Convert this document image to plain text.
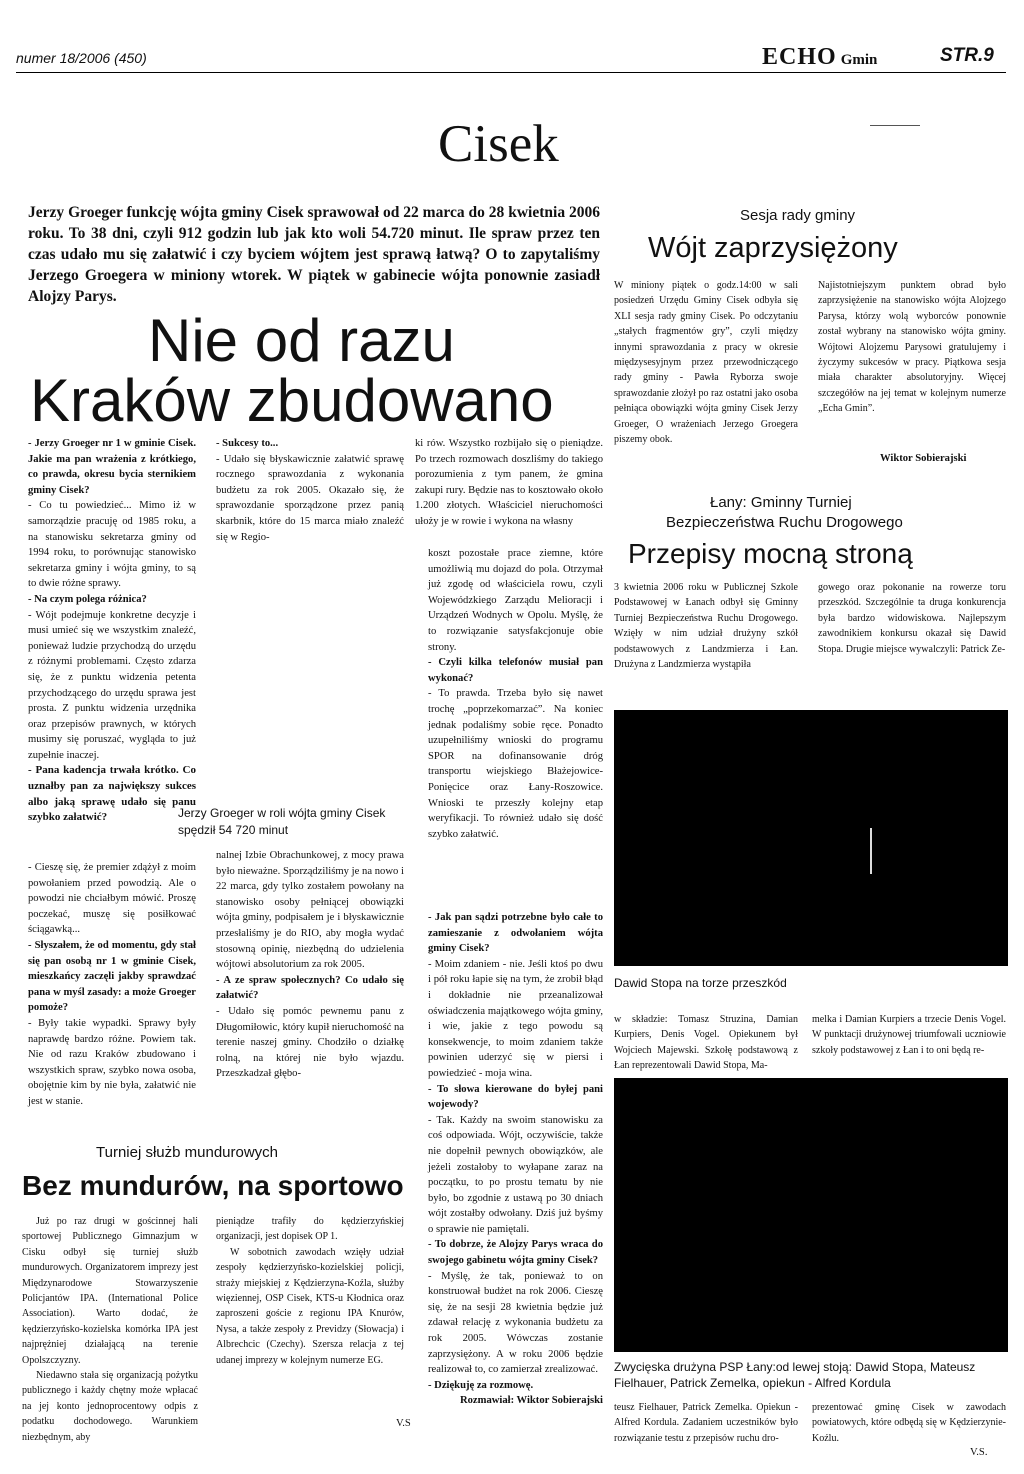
numer 18/2006 (450)	ECHO Gmin	STR.9
Cisek
Jerzy Groeger funkcję wójta gminy Cisek sprawował od 22 marca do 28 kwietnia 2006 roku. To 38 dni, czyli 912 godzin lub jak kto woli 54.720 minut. Ile spraw przez ten czas udało mu się załatwić i czy byciem wójtem jest sprawą łatwą? O to zapytaliśmy Jerzego Groegera w miniony wtorek. W piątek w gabinecie wójta ponownie zasiadł Alojzy Parys.
Nie od razu
Kraków zbudowano

- Jerzy Groeger nr 1 w gminie Cisek. Jakie ma pan wrażenia z krótkiego, co prawda, okresu bycia sternikiem gminy Cisek?

- Co tu powiedzieć... Mimo iż w samorządzie pracuję od 1985 roku, a na stanowisku sekretarza gminy od 1994 roku, to porównując stanowisko sekretarza gminy i wójta gminy, to są to dwie różne sprawy.

- Na czym polega różnica?

- Wójt podejmuje konkretne decyzje i musi umieć się we wszystkim znaleźć, ponieważ ludzie przychodzą do urzędu z różnymi problemami. Często zdarza się, że z punktu widzenia petenta przychodzącego do urzędu sprawa jest prosta. Z punktu widzenia urzędnika oraz przepisów prawnych, w których musimy się poruszać, wygląda to już zupełnie inaczej.

- Pana kadencja trwała krótko. Co uznałby pan za największy sukces albo jaką sprawę udało się panu szybko załatwić?

- Cieszę się, że premier zdążył z moim powołaniem przed powodzią. Ale o powodzi nie chciałbym mówić. Proszę poczekać, muszę się posiłkować ściągawką...

- Słyszałem, że od momentu, gdy stał się pan osobą nr 1 w gminie Cisek, mieszkańcy zaczęli jakby sprawdzać pana w myśl zasady: a może Groeger pomoże?

- Były takie wypadki. Sprawy były naprawdę bardzo różne. Powiem tak. Nie od razu Kraków zbudowano i wszystkich spraw, szybko nowa osoba, obojętnie kim by nie była, załatwić nie jest w stanie.

- Sukcesy to...

- Udało się błyskawicznie załatwić sprawę rocznego sprawozdania z wykonania budżetu za rok 2005. Okazało się, że sprawozdanie sporządzone przez panią skarbnik, które do 15 marca miało znaleźć się w Regio-

Jerzy Groeger w roli wójta gminy Cisek spędził 54 720 minut

nalnej Izbie Obrachunkowej, z mocy prawa było nieważne. Sporządziliśmy je na nowo i 22 marca, gdy tylko zostałem powołany na stanowisko osoby pełniącej obowiązki wójta gminy, podpisałem je i błyskawicznie przesłaliśmy je do RIO, aby mogła wydać stosowną opinię, niezbędną do udzielenia wójtowi absolutorium za rok 2005.

- A ze spraw społecznych? Co udało się załatwić?

- Udało się pomóc pewnemu panu z Długomiłowic, który kupił nieruchomość na terenie naszej gminy. Chodziło o działkę rolną, na której nie było wjazdu. Przeszkadzał głębo-

ki rów. Wszystko rozbijało się o pieniądze. Po trzech rozmowach doszliśmy do takiego porozumienia z tym panem, że gmina zakupi rury. Będzie nas to kosztowało około 1.200 złotych. Właściciel nieruchomości ułoży je w rowie i wykona na własny

koszt pozostałe prace ziemne, które umożliwią mu dojazd do pola. Otrzymał już zgodę od właściciela rowu, czyli Wojewódzkiego Zarządu Melioracji i Urządzeń Wodnych w Opolu. Myślę, że to rozwiązanie satysfakcjonuje obie strony.

- Czyli kilka telefonów musiał pan wykonać?

- To prawda. Trzeba było się nawet trochę „poprzekomarzać”. Na koniec jednak podaliśmy sobie ręce. Ponadto uzupełniliśmy wnioski do programu SPOR na dofinansowanie dróg transportu wiejskiego Błażejowice-Ponięcice oraz Łany-Roszowice. Wnioski te przeszły kolejny etap weryfikacji. To również udało się dość szybko załatwić.

- Jak pan sądzi potrzebne było całe to zamieszanie z odwołaniem wójta gminy Cisek?

- Moim zdaniem - nie. Jeśli ktoś po dwu i pół roku łapie się na tym, że zrobił błąd i dokładnie nie przeanalizował oświadczenia majątkowego wójta gminy, i wie, jakie z tego powodu są konsekwencje, to moim zdaniem także powinien uderzyć się w piersi i powiedzieć - moja wina.

- To słowa kierowane do byłej pani wojewody?

- Tak. Każdy na swoim stanowisku za coś odpowiada. Wójt, oczywiście, także nie dopełnił pewnych obowiązków, ale jeżeli zostałoby to wyłapane zaraz na początku, to po prostu tematu by nie było, bo zgodnie z ustawą po 30 dniach wójt zostałby odwołany. Dziś już byśmy o sprawie nie pamiętali.

- To dobrze, że Alojzy Parys wraca do swojego gabinetu wójta gminy Cisek?

- Myślę, że tak, ponieważ to on konstruował budżet na rok 2006. Cieszę się, że na sesji 28 kwietnia będzie już zdawał relację z wykonania budżetu za rok 2005. Wówczas zostanie zaprzysiężony. A w roku 2006 będzie realizował to, co zamierzał zrealizować.

- Dziękuję za rozmowę.

Rozmawiał: Wiktor Sobierajski

Sesja rady gminy
Wójt zaprzysiężony
W miniony piątek o godz.14:00 w sali posiedzeń Urzędu Gminy Cisek odbyła się XLI sesja rady gminy Cisek. Po odczytaniu „stałych fragmentów gry”, czyli między innymi sprawozdania z pracy w okresie międzysesyjnym przez przewodniczącego rady gminy - Pawła Ryborza swoje sprawozdanie złożył po raz ostatni jako osoba pełniąca obowiązki wójta gminy Cisek Jerzy Groeger, O wrażeniach Jerzego Groegera piszemy obok.
Najistotniejszym punktem obrad było zaprzysiężenie na stanowisko wójta Alojzego Parysa, którzy wolą wyborców ponownie został wybrany na stanowisko wójta gminy. Wójtowi Alojzemu Parysowi gratulujemy i życzymy sukcesów w pracy. Piątkowa sesja miała charakter absolutoryjny. Więcej szczegółów na jej temat w kolejnym numerze „Echa Gmin”.
Wiktor Sobierajski
Łany: Gminny Turniej
Bezpieczeństwa Ruchu Drogowego
Przepisy mocną stroną
3 kwietnia 2006 roku w Publicznej Szkole Podstawowej w Łanach odbył się Gminny Turniej Bezpieczeństwa Ruchu Drogowego. Wzięły w nim udział drużyny szkół podstawowych z Landzmierza i Łan. Drużyna z Landzmierza wystąpiła
gowego oraz pokonanie na rowerze toru przeszkód. Szczególnie ta druga konkurencja była bardzo widowiskowa. Najlepszym zawodnikiem konkursu okazał się Dawid Stopa. Drugie miejsce wywalczyli: Patrick Ze-
Dawid Stopa na torze przeszkód
w składzie: Tomasz Struzina, Damian Kurpiers, Denis Vogel. Opiekunem był Wojciech Majewski. Szkołę podstawową z Łan reprezentowali Dawid Stopa, Ma-
melka i Damian Kurpiers a trzecie Denis Vogel. W punktacji drużynowej triumfowali uczniowie szkoły podstawowej z Łan i to oni będą re-
Zwycięska drużyna PSP Łany:od lewej stoją: Dawid Stopa, Mateusz Fielhauer, Patrick Zemelka, opiekun - Alfred Kordula
teusz Fielhauer, Patrick Zemelka. Opiekun - Alfred Kordula. Zadaniem uczestników było rozwiązanie testu z przepisów ruchu dro-
prezentować gminę Cisek w zawodach powiatowych, które odbędą się w Kędzierzynie-Koźlu.
V.S.
Turniej służb mundurowych
Bez mundurów, na sportowo

Już po raz drugi w gościnnej hali sportowej Publicznego Gimnazjum w Cisku odbył się turniej służb mundurowych. Organizatorem imprezy jest Międzynarodowe Stowarzyszenie Policjantów IPA. (International Police Association). Warto dodać, że kędzierzyńsko-kozielska komórka IPA jest najprężniej działającą na terenie Opolszczyzny.

Niedawno stała się organizacją pożytku publicznego i każdy chętny może wpłacać na jej konto jednoprocentowy odpis z podatku dochodowego. Warunkiem niezbędnym, aby

pieniądze trafiły do kędzierzyńskiej organizacji, jest dopisek OP 1.

W sobotnich zawodach wzięły udział zespoły kędzierzyńsko-kozielskiej policji, straży miejskiej z Kędzierzyna-Koźla, służby więziennej, OSP Cisek, KTS-u Kłodnica oraz zaproszeni goście z regionu IPA Knurów, Nysa, a także zespoły z Previdzy (Słowacja) i Albrechcic (Czechy). Szersza relacja z tej udanej imprezy w kolejnym numerze EG.

V.S
